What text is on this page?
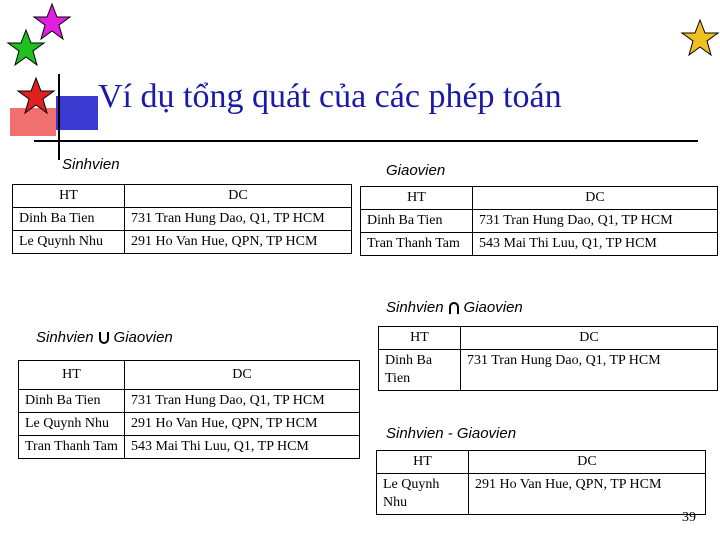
Ví dụ tổng quát của các phép toán
Sinhvien
HT	DC
Dinh Ba Tien	731 Tran Hung Dao, Q1, TP HCM
Le Quynh Nhu	291 Ho Van Hue, QPN, TP HCM
Giaovien
HT	DC
Dinh Ba Tien	731 Tran Hung Dao, Q1, TP HCM
Tran Thanh Tam	543 Mai Thi Luu, Q1, TP HCM
Sinhvien Giaovien
HT	DC
Dinh Ba Tien	731 Tran Hung Dao, Q1, TP HCM
Sinhvien Giaovien
HT	DC
Dinh Ba Tien	731 Tran Hung Dao, Q1, TP HCM
Le Quynh Nhu	291 Ho Van Hue, QPN, TP HCM
Tran Thanh Tam	543 Mai Thi Luu, Q1, TP HCM
Sinhvien - Giaovien
HT	DC
Le Quynh Nhu	291 Ho Van Hue, QPN, TP HCM
39
